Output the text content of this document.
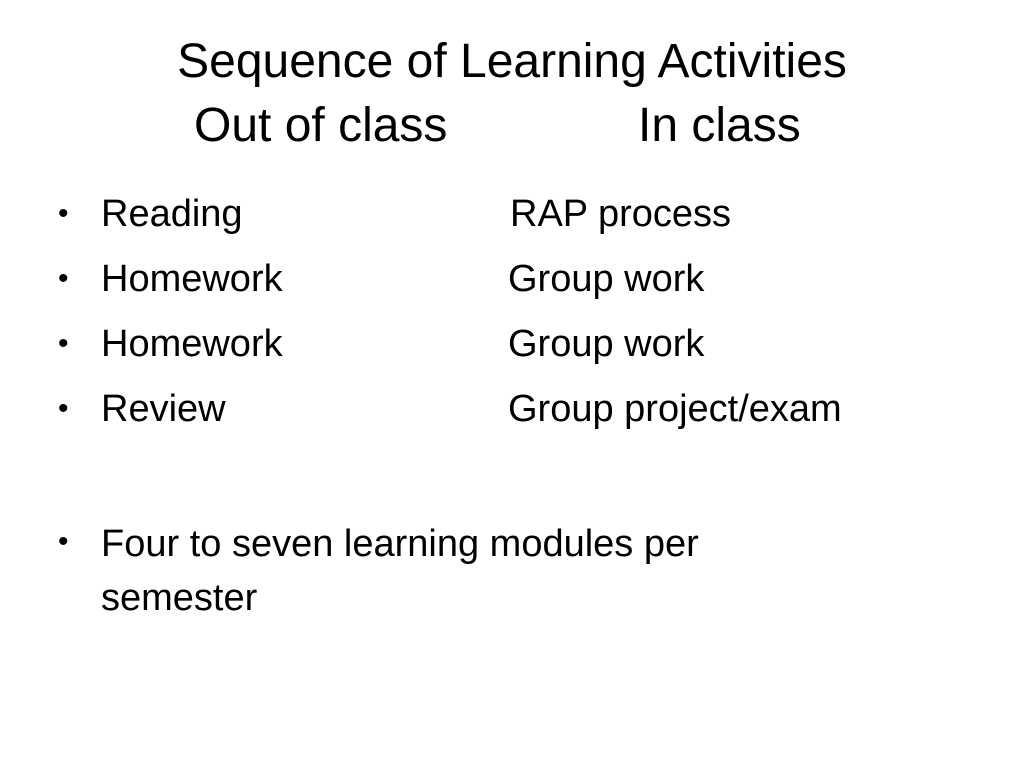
Sequence of Learning Activities
Out of class	In class
• Reading	RAP process
• Homework	Group work
• Homework	Group work
• Review	Group project/exam
• Four to seven learning modules per semester
